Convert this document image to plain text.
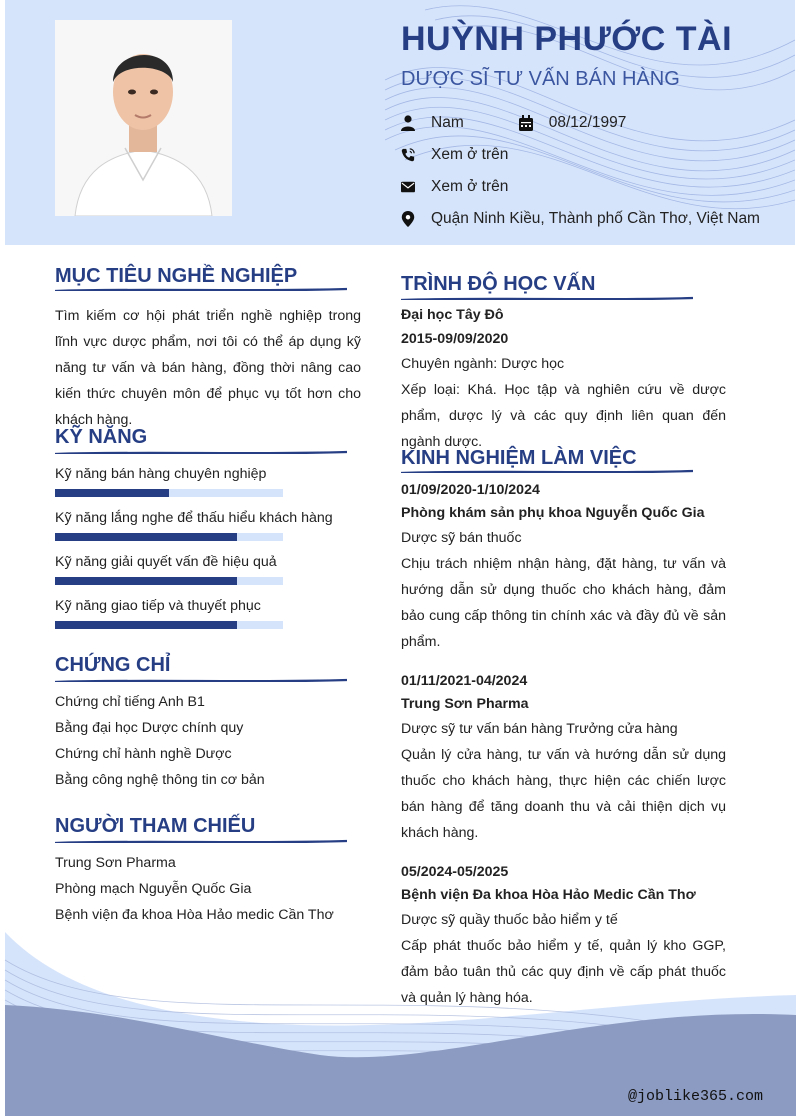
HUỲNH PHƯỚC TÀI
DƯỢC SĨ TƯ VẤN BÁN HÀNG
Nam	08/12/1997
Xem ở trên
Xem ở trên
Quận Ninh Kiều, Thành phố Cần Thơ, Việt Nam
MỤC TIÊU NGHỀ NGHIỆP
Tìm kiếm cơ hội phát triển nghề nghiệp trong lĩnh vực dược phẩm, nơi tôi có thể áp dụng kỹ năng tư vấn và bán hàng, đồng thời nâng cao kiến thức chuyên môn để phục vụ tốt hơn cho khách hàng.
KỸ NĂNG
Kỹ năng bán hàng chuyên nghiệp
Kỹ năng lắng nghe để thấu hiểu khách hàng
Kỹ năng giải quyết vấn đề hiệu quả
Kỹ năng giao tiếp và thuyết phục
CHỨNG CHỈ
Chứng chỉ tiếng Anh B1
Bằng đại học Dược chính quy
Chứng chỉ hành nghề Dược
Bằng công nghệ thông tin cơ bản
NGƯỜI THAM CHIẾU
Trung Sơn Pharma
Phòng mạch Nguyễn Quốc Gia
Bệnh viện đa khoa Hòa Hảo medic Cần Thơ
TRÌNH ĐỘ HỌC VẤN
Đại học Tây Đô
2015-09/09/2020
Chuyên ngành: Dược học
Xếp loại: Khá. Học tập và nghiên cứu về dược phẩm, dược lý và các quy định liên quan đến ngành dược.
KINH NGHIỆM LÀM VIỆC
01/09/2020-1/10/2024
Phòng khám sản phụ khoa Nguyễn Quốc Gia
Dược sỹ bán thuốc
Chịu trách nhiệm nhận hàng, đặt hàng, tư vấn và hướng dẫn sử dụng thuốc cho khách hàng, đảm bảo cung cấp thông tin chính xác và đầy đủ về sản phẩm.
01/11/2021-04/2024
Trung Sơn Pharma
Dược sỹ tư vấn bán hàng Trưởng cửa hàng
Quản lý cửa hàng, tư vấn và hướng dẫn sử dụng thuốc cho khách hàng, thực hiện các chiến lược bán hàng để tăng doanh thu và cải thiện dịch vụ khách hàng.
05/2024-05/2025
Bệnh viện Đa khoa Hòa Hảo Medic Cần Thơ
Dược sỹ quầy thuốc bảo hiểm y tế
Cấp phát thuốc bảo hiểm y tế, quản lý kho GGP, đảm bảo tuân thủ các quy định về cấp phát thuốc và quản lý hàng hóa.
@joblike365.com
